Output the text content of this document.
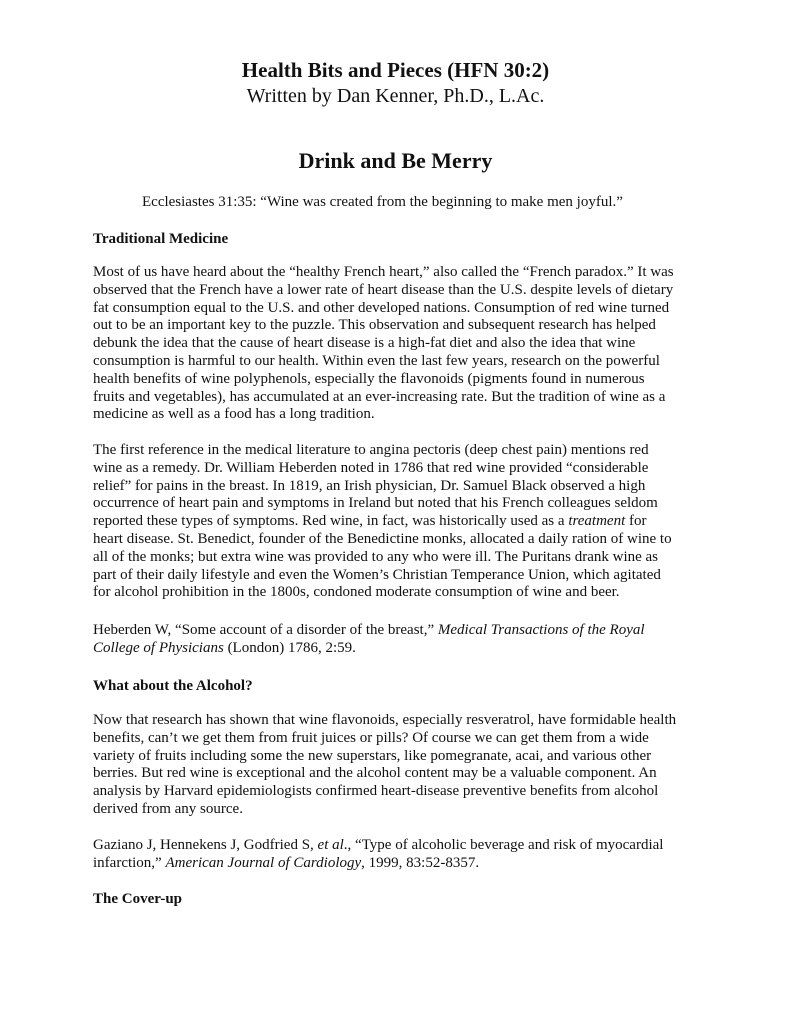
Health Bits and Pieces (HFN 30:2)
Written by Dan Kenner, Ph.D., L.Ac.
Drink and Be Merry
Ecclesiastes 31:35: “Wine was created from the beginning to make men joyful.”
Traditional Medicine
Most of us have heard about the “healthy French heart,” also called the “French paradox.” It was
observed that the French have a lower rate of heart disease than the U.S. despite levels of dietary
fat consumption equal to the U.S. and other developed nations. Consumption of red wine turned
out to be an important key to the puzzle. This observation and subsequent research has helped
debunk the idea that the cause of heart disease is a high-fat diet and also the idea that wine
consumption is harmful to our health. Within even the last few years, research on the powerful
health benefits of wine polyphenols, especially the flavonoids (pigments found in numerous
fruits and vegetables), has accumulated at an ever-increasing rate. But the tradition of wine as a
medicine as well as a food has a long tradition.
The first reference in the medical literature to angina pectoris (deep chest pain) mentions red
wine as a remedy. Dr. William Heberden noted in 1786 that red wine provided “considerable
relief” for pains in the breast. In 1819, an Irish physician, Dr. Samuel Black observed a high
occurrence of heart pain and symptoms in Ireland but noted that his French colleagues seldom
reported these types of symptoms. Red wine, in fact, was historically used as a treatment for
heart disease. St. Benedict, founder of the Benedictine monks, allocated a daily ration of wine to
all of the monks; but extra wine was provided to any who were ill. The Puritans drank wine as
part of their daily lifestyle and even the Women’s Christian Temperance Union, which agitated
for alcohol prohibition in the 1800s, condoned moderate consumption of wine and beer.
Heberden W, “Some account of a disorder of the breast,” Medical Transactions of the Royal
College of Physicians (London) 1786, 2:59.
What about the Alcohol?
Now that research has shown that wine flavonoids, especially resveratrol, have formidable health
benefits, can’t we get them from fruit juices or pills? Of course we can get them from a wide
variety of fruits including some the new superstars, like pomegranate, acai, and various other
berries. But red wine is exceptional and the alcohol content may be a valuable component. An
analysis by Harvard epidemiologists confirmed heart-disease preventive benefits from alcohol
derived from any source.
Gaziano J, Hennekens J, Godfried S, et al., “Type of alcoholic beverage and risk of myocardial
infarction,” American Journal of Cardiology, 1999, 83:52-8357.
The Cover-up
